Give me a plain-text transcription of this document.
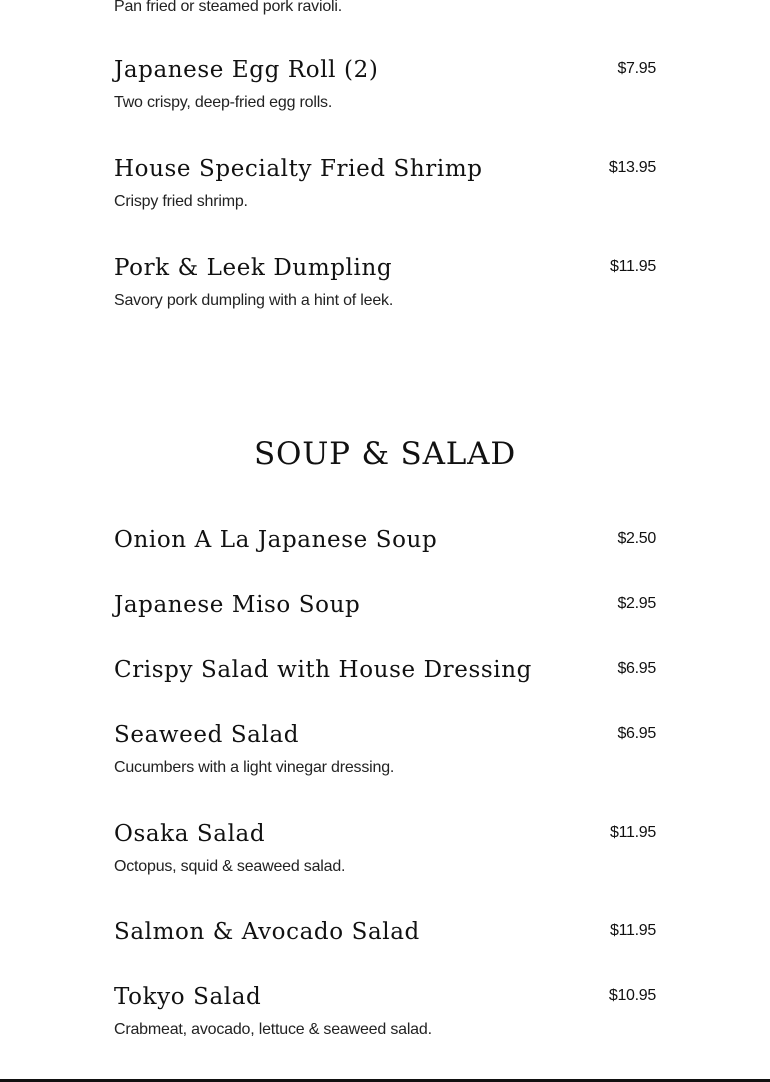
Pan fried or steamed pork ravioli.
Japanese Egg Roll (2)	$7.95
Two crispy, deep-fried egg rolls.
House Specialty Fried Shrimp	$13.95
Crispy fried shrimp.
Pork & Leek Dumpling	$11.95
Savory pork dumpling with a hint of leek.
SOUP & SALAD
Onion A La Japanese Soup	$2.50
Japanese Miso Soup	$2.95
Crispy Salad with House Dressing	$6.95
Seaweed Salad	$6.95
Cucumbers with a light vinegar dressing.
Osaka Salad	$11.95
Octopus, squid & seaweed salad.
Salmon & Avocado Salad	$11.95
Tokyo Salad	$10.95
Crabmeat, avocado, lettuce & seaweed salad.
